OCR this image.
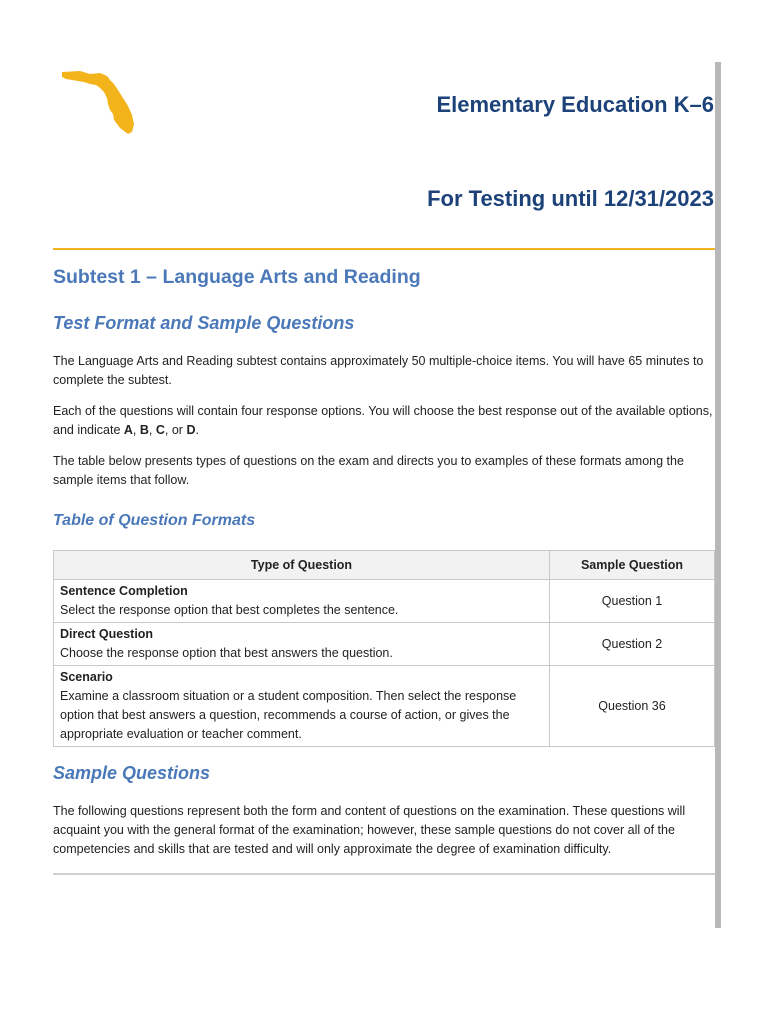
Elementary Education K–6
For Testing until 12/31/2023
Subtest 1 – Language Arts and Reading
Test Format and Sample Questions

The Language Arts and Reading subtest contains approximately 50 multiple-choice items. You will have 65 minutes to complete the subtest.

Each of the questions will contain four response options. You will choose the best response out of the available options, and indicate A, B, C, or D.

The table below presents types of questions on the exam and directs you to examples of these formats among the sample items that follow.

Table of Question Formats
Type of Question	Sample Question

Sentence Completion
Select the response option that best completes the sentence.	Question 1

Direct Question
Choose the response option that best answers the question.	Question 2

Scenario
Examine a classroom situation or a student composition. Then select the response option that best answers a question, recommends a course of action, or gives the appropriate evaluation or teacher comment.	Question 36
Sample Questions

The following questions represent both the form and content of questions on the examination. These questions will acquaint you with the general format of the examination; however, these sample questions do not cover all of the competencies and skills that are tested and will only approximate the degree of examination difficulty.
